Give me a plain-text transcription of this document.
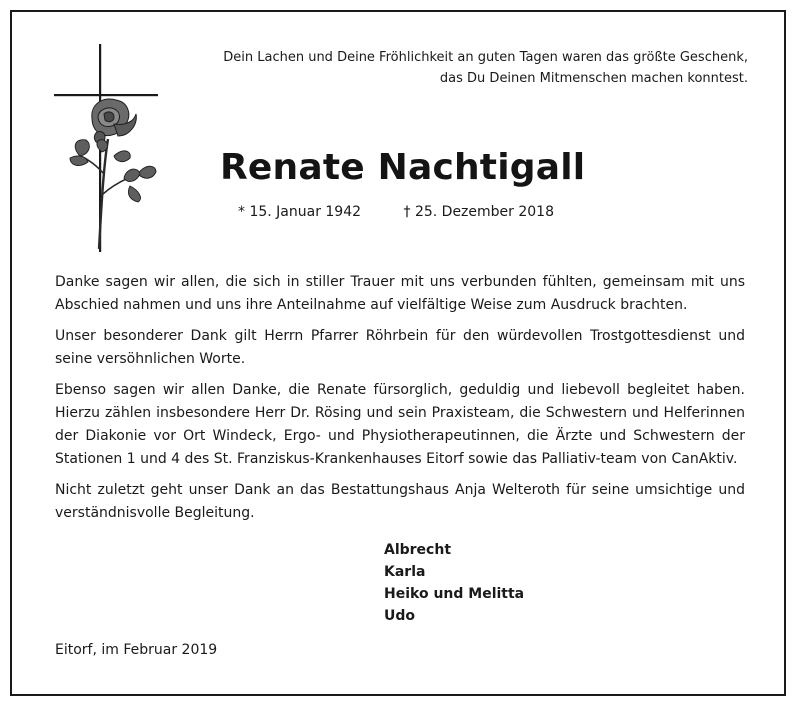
Dein Lachen und Deine Fröhlichkeit an guten Tagen waren das größte Geschenk,
das Du Deinen Mitmenschen machen konntest.
Renate Nachtigall
* 15. Januar 1942	† 25. Dezember 2018

Danke sagen wir allen, die sich in stiller Trauer mit uns verbunden fühlten, gemeinsam mit uns Abschied nahmen und uns ihre Anteilnahme auf vielfältige Weise zum Ausdruck brachten.

Unser besonderer Dank gilt Herrn Pfarrer Röhrbein für den würdevollen Trostgottesdienst und seine versöhnlichen Worte.

Ebenso sagen wir allen Danke, die Renate fürsorglich, geduldig und liebevoll begleitet haben. Hierzu zählen insbesondere Herr Dr. Rösing und sein Praxisteam, die Schwestern und Helferinnen der Diakonie vor Ort Windeck, Ergo- und Physiotherapeutinnen, die Ärzte und Schwestern der Stationen 1 und 4 des St. Franziskus-Krankenhauses Eitorf sowie das Palliativ-team von CanAktiv.

Nicht zuletzt geht unser Dank an das Bestattungshaus Anja Welteroth für seine umsichtige und verständnisvolle Begleitung.

Albrecht
Karla
Heiko und Melitta
Udo
Eitorf, im Februar 2019
